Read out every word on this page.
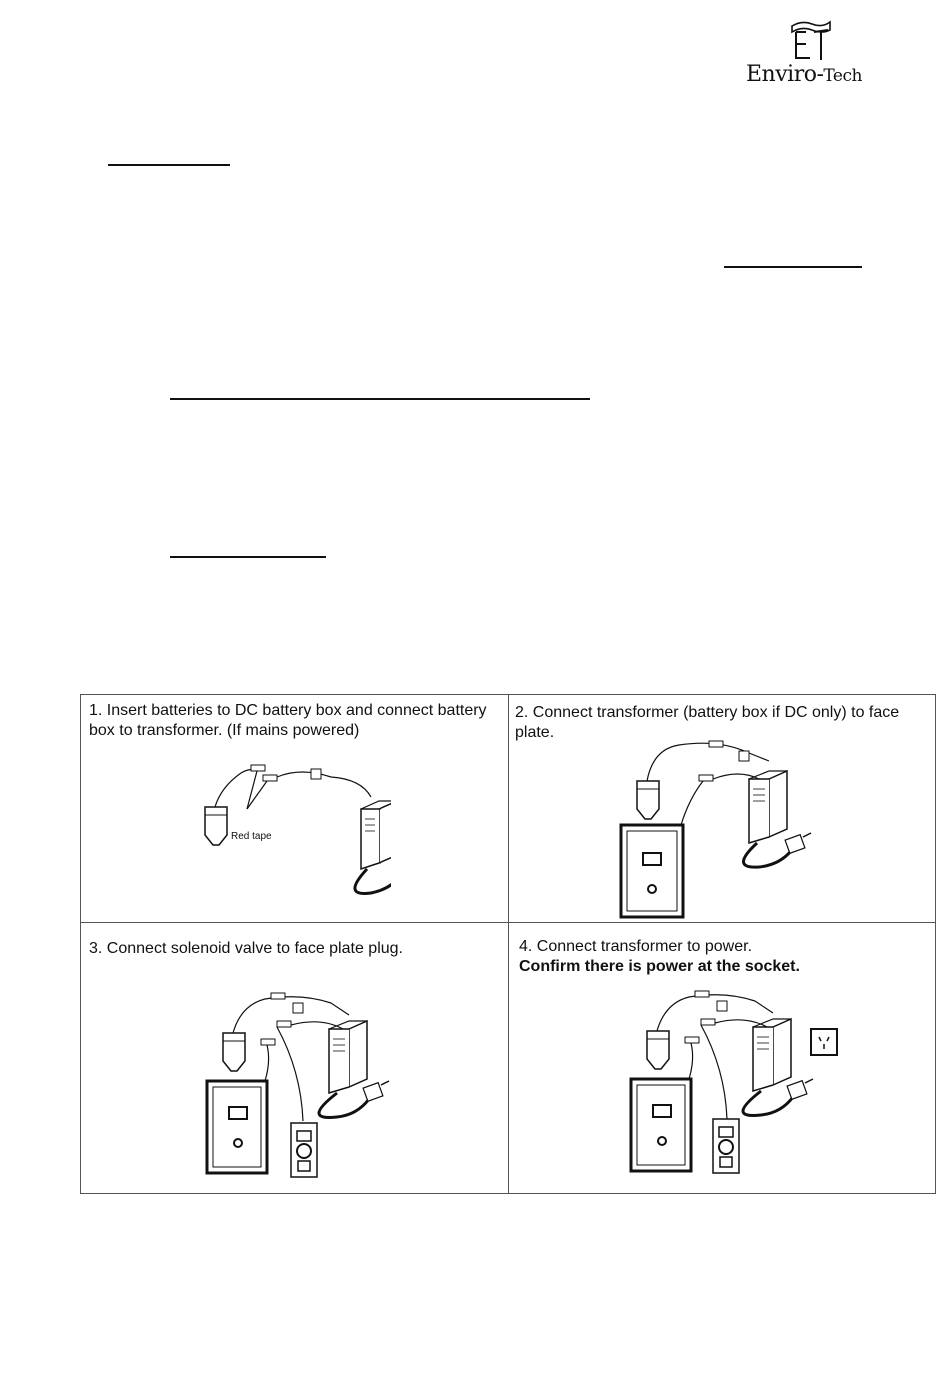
Enviro-Tech
1. Insert batteries to DC battery box and connect battery box to transformer. (If mains powered)
Red tape
2. Connect transformer (battery box if DC only) to face plate.
3. Connect solenoid valve to face plate plug.	4. Connect transformer to power.
Confirm there is power at the socket.
